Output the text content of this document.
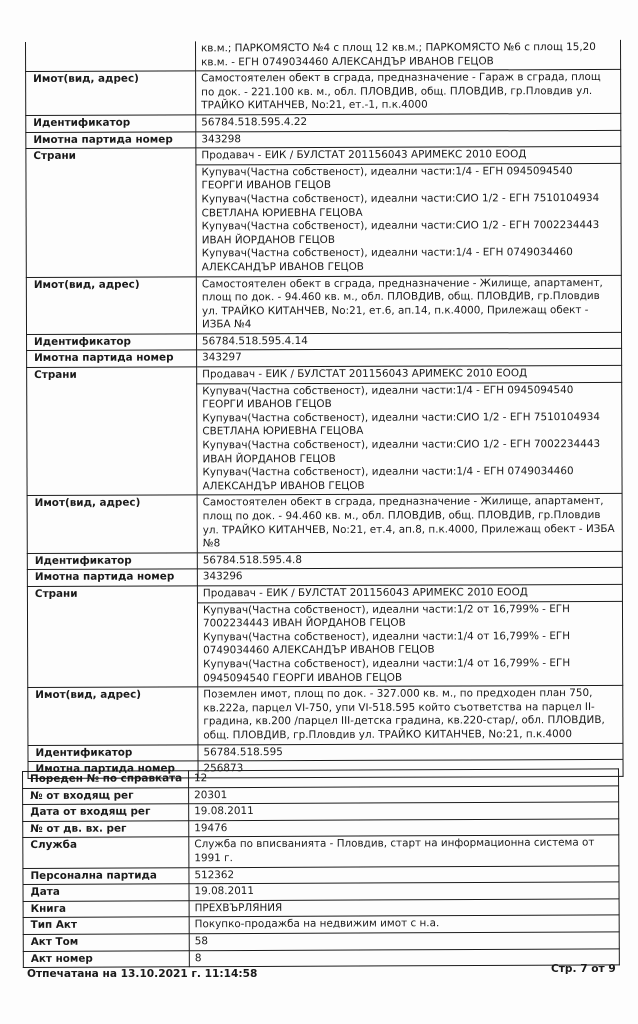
	кв.м.; ПАРКОМЯСТО №4 с площ 12 кв.м.; ПАРКОМЯСТО №6 с площ 15,20 кв.м. - ЕГН 0749034460 АЛЕКСАНДЪР ИВАНОВ ГЕЦОВ
Имот(вид, адрес)	Самостоятелен обект в сграда, предназначение - Гараж в сграда, площ по док. - 221.100 кв. м., обл. ПЛОВДИВ, общ. ПЛОВДИВ, гр.Пловдив ул. ТРАЙКО КИТАНЧЕВ, No:21, ет.-1, п.к.4000
Идентификатор	56784.518.595.4.22
Имотна партида номер	343298
Страни	Продавач - ЕИК / БУЛСТАТ 201156043 АРИМЕКС 2010 ЕООД

	Купувач(Частна собственост), идеални части:1/4 - ЕГН 0945094540 ГЕОРГИ ИВАНОВ ГЕЦОВ
Купувач(Частна собственост), идеални части:СИО 1/2 - ЕГН 7510104934 СВЕТЛАНА ЮРИЕВНА ГЕЦОВА
Купувач(Частна собственост), идеални части:СИО 1/2 - ЕГН 7002234443 ИВАН ЙОРДАНОВ ГЕЦОВ
Купувач(Частна собственост), идеални части:1/4 - ЕГН 0749034460 АЛЕКСАНДЪР ИВАНОВ ГЕЦОВ

Имот(вид, адрес)	Самостоятелен обект в сграда, предназначение - Жилище, апартамент, площ по док. - 94.460 кв. м., обл. ПЛОВДИВ, общ. ПЛОВДИВ, гр.Пловдив ул. ТРАЙКО КИТАНЧЕВ, No:21, ет.6, ап.14, п.к.4000, Прилежащ обект - ИЗБА №4
Идентификатор	56784.518.595.4.14
Имотна партида номер	343297
Страни	Продавач - ЕИК / БУЛСТАТ 201156043 АРИМЕКС 2010 ЕООД

	Купувач(Частна собственост), идеални части:1/4 - ЕГН 0945094540 ГЕОРГИ ИВАНОВ ГЕЦОВ
Купувач(Частна собственост), идеални части:СИО 1/2 - ЕГН 7510104934 СВЕТЛАНА ЮРИЕВНА ГЕЦОВА
Купувач(Частна собственост), идеални части:СИО 1/2 - ЕГН 7002234443 ИВАН ЙОРДАНОВ ГЕЦОВ
Купувач(Частна собственост), идеални части:1/4 - ЕГН 0749034460 АЛЕКСАНДЪР ИВАНОВ ГЕЦОВ

Имот(вид, адрес)	Самостоятелен обект в сграда, предназначение - Жилище, апартамент, площ по док. - 94.460 кв. м., обл. ПЛОВДИВ, общ. ПЛОВДИВ, гр.Пловдив ул. ТРАЙКО КИТАНЧЕВ, No:21, ет.4, ап.8, п.к.4000, Прилежащ обект - ИЗБА №8
Идентификатор	56784.518.595.4.8
Имотна партида номер	343296
Страни	Продавач - ЕИК / БУЛСТАТ 201156043 АРИМЕКС 2010 ЕООД

	Купувач(Частна собственост), идеални части:1/2 от 16,799% - ЕГН 7002234443 ИВАН ЙОРДАНОВ ГЕЦОВ
Купувач(Частна собственост), идеални части:1/4 от 16,799% - ЕГН 0749034460 АЛЕКСАНДЪР ИВАНОВ ГЕЦОВ
Купувач(Частна собственост), идеални части:1/4 от 16,799% - ЕГН 0945094540 ГЕОРГИ ИВАНОВ ГЕЦОВ

Имот(вид, адрес)	Поземлен имот, площ по док. - 327.000 кв. м., по предходен план 750, кв.222а, парцел VI-750, упи VI-518.595 който съответства на парцел II-градина, кв.200 /парцел III-детска градина, кв.220-стар/, обл. ПЛОВДИВ, общ. ПЛОВДИВ, гр.Пловдив ул. ТРАЙКО КИТАНЧЕВ, No:21, п.к.4000
Идентификатор	56784.518.595
Имотна партида номер	256873
Пореден № по справката	12
№ от входящ рег	20301
Дата от входящ рег	19.08.2011
№ от дв. вх. рег	19476
Служба	Служба по вписванията - Пловдив, старт на информационна система от 1991 г.
Персонална партида	512362
Дата	19.08.2011
Книга	ПРЕХВЪРЛЯНИЯ
Тип Акт	Покупко-продажба на недвижим имот с н.а.
Акт Том	58
Акт номер	8
Отпечатана на 13.10.2021 г. 11:14:58	Стр. 7 от 9
